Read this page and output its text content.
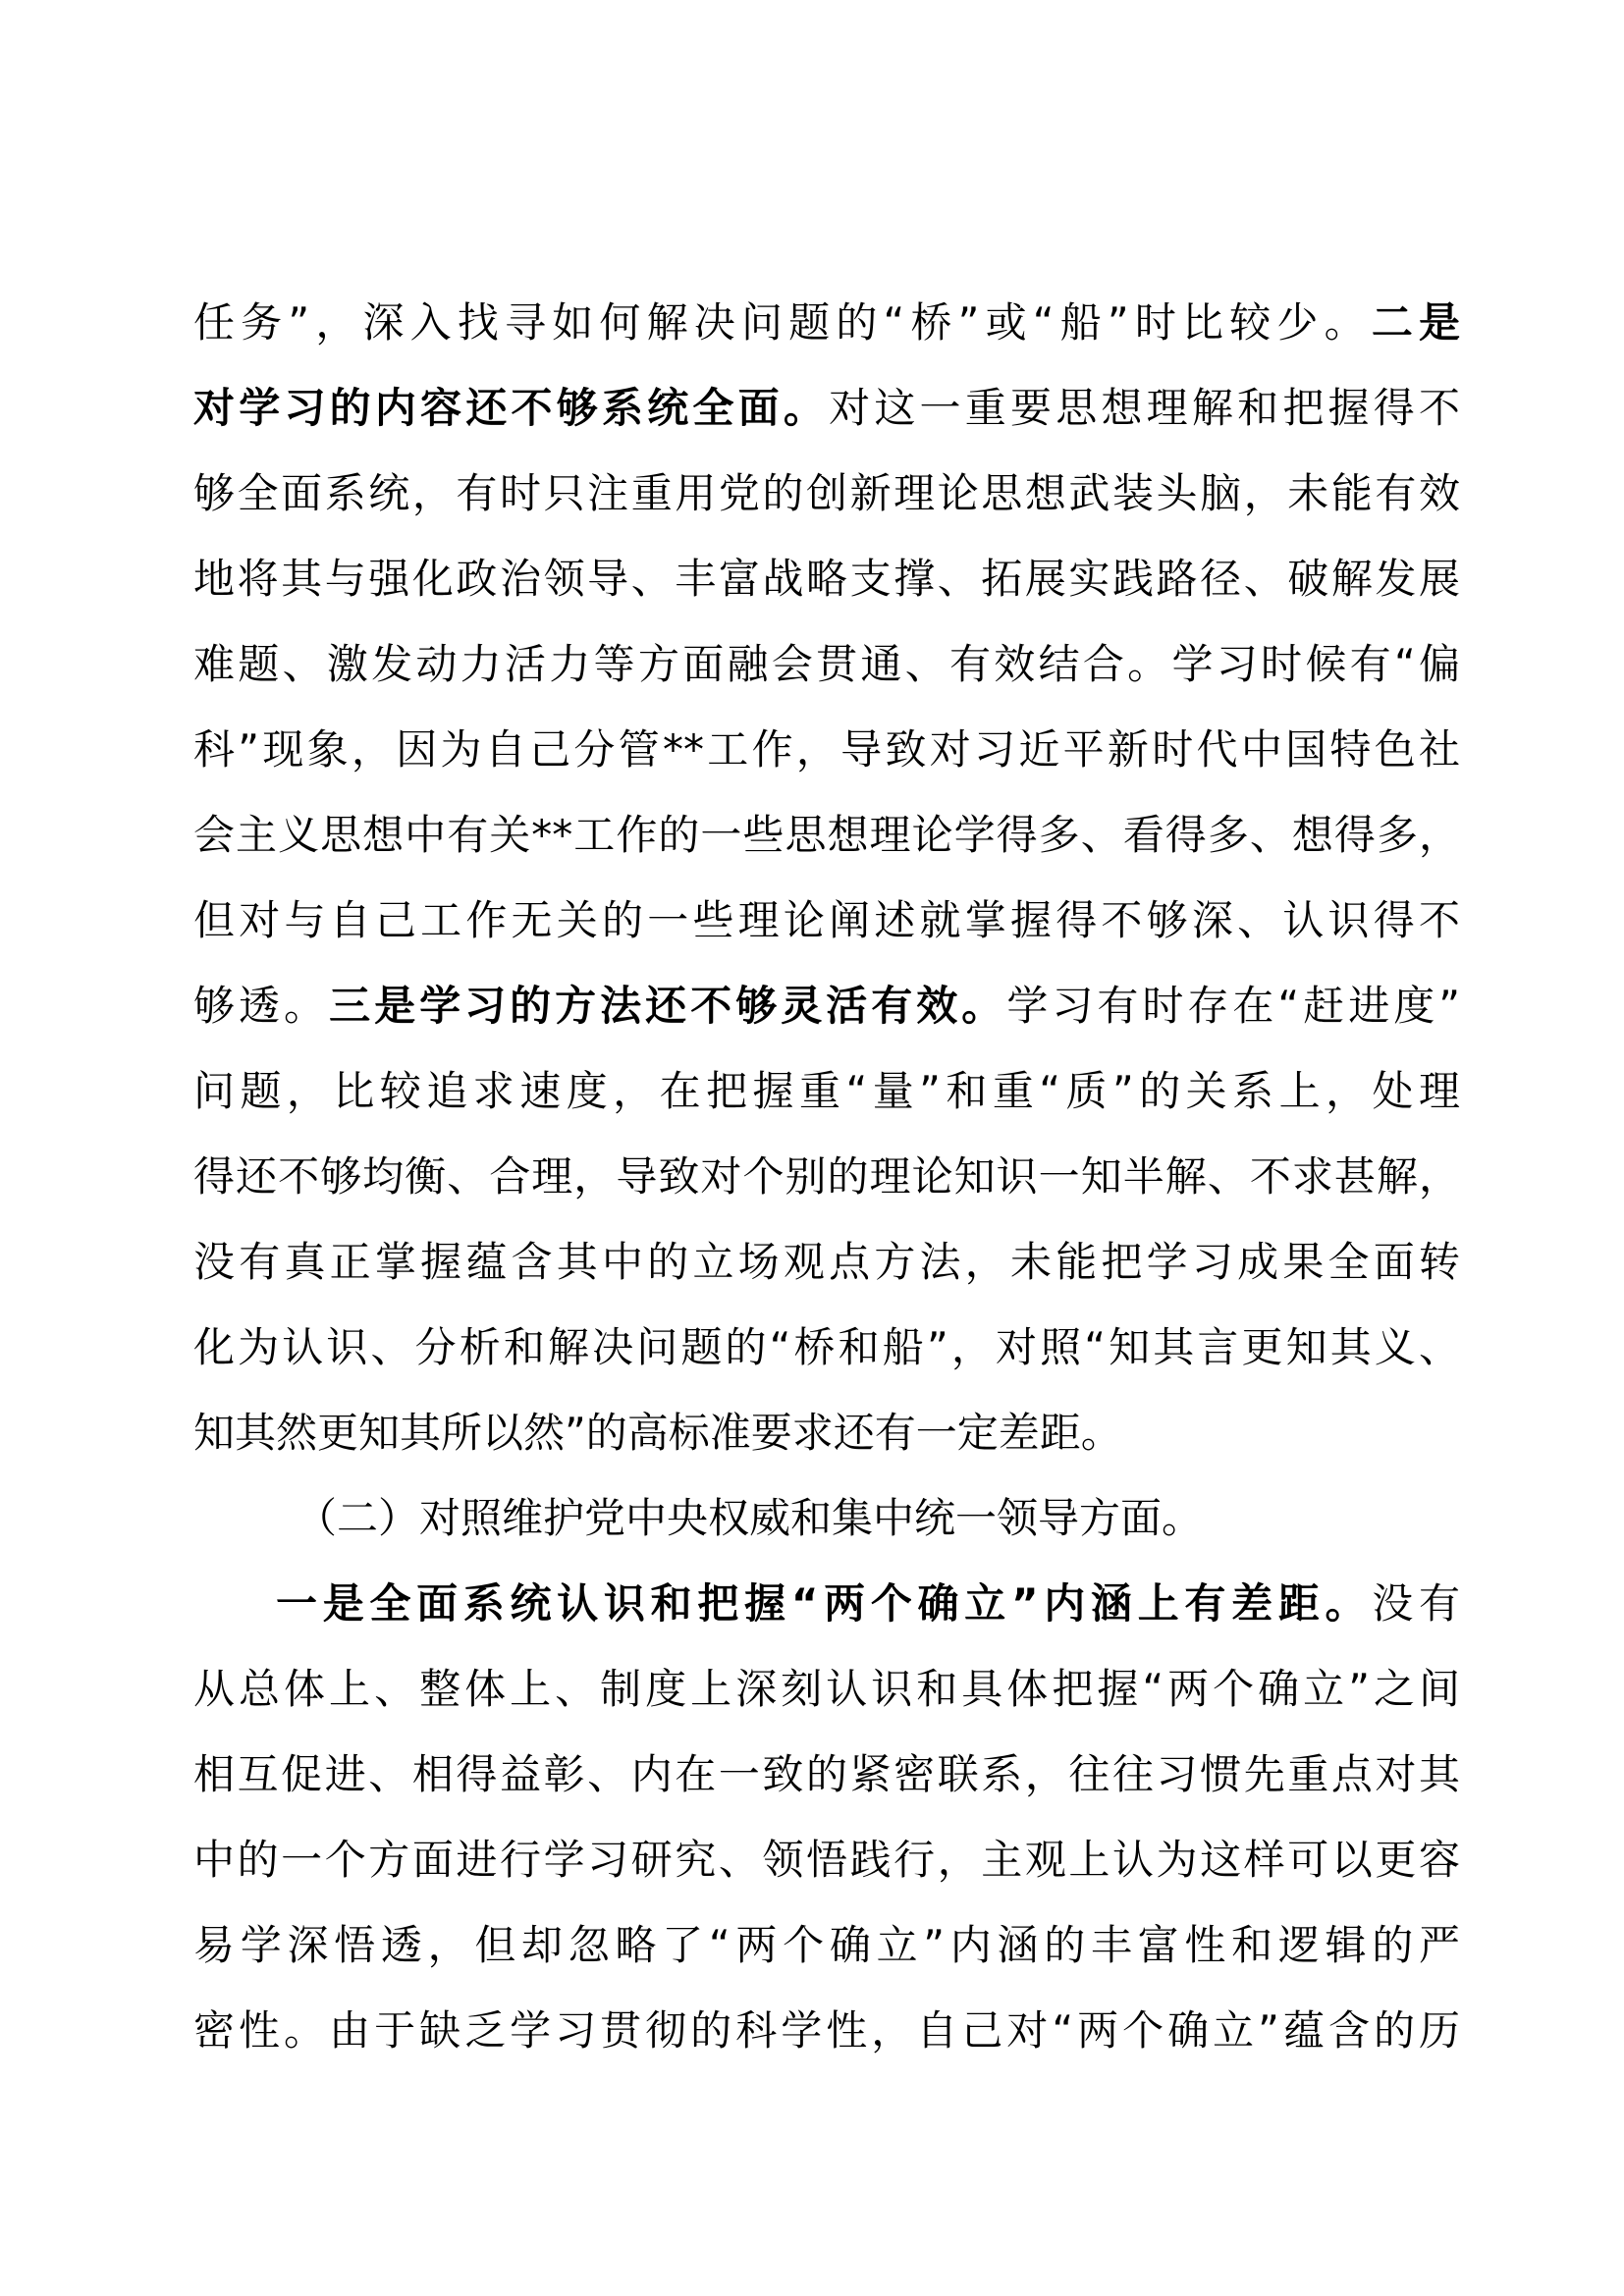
任务”，深入找寻如何解决问题的“桥”或“船”时比较少。二是
对学习的内容还不够系统全面。对这一重要思想理解和把握得不
够全面系统，有时只注重用党的创新理论思想武装头脑，未能有效
地将其与强化政治领导、丰富战略支撑、拓展实践路径、破解发展
难题、激发动力活力等方面融会贯通、有效结合。学习时候有“偏
科”现象，因为自己分管**工作，导致对习近平新时代中国特色社
会主义思想中有关**工作的一些思想理论学得多、看得多、想得多，
但对与自己工作无关的一些理论阐述就掌握得不够深、认识得不
够透。三是学习的方法还不够灵活有效。学习有时存在“赶进度”
问题，比较追求速度，在把握重“量”和重“质”的关系上，处理
得还不够均衡、合理，导致对个别的理论知识一知半解、不求甚解，
没有真正掌握蕴含其中的立场观点方法，未能把学习成果全面转
化为认识、分析和解决问题的“桥和船”，对照“知其言更知其义、
知其然更知其所以然”的高标准要求还有一定差距。
（二）对照维护党中央权威和集中统一领导方面。
一是全面系统认识和把握“两个确立”内涵上有差距。没有
从总体上、整体上、制度上深刻认识和具体把握“两个确立”之间
相互促进、相得益彰、内在一致的紧密联系，往往习惯先重点对其
中的一个方面进行学习研究、领悟践行，主观上认为这样可以更容
易学深悟透，但却忽略了“两个确立”内涵的丰富性和逻辑的严
密性。由于缺乏学习贯彻的科学性，自己对“两个确立”蕴含的历
